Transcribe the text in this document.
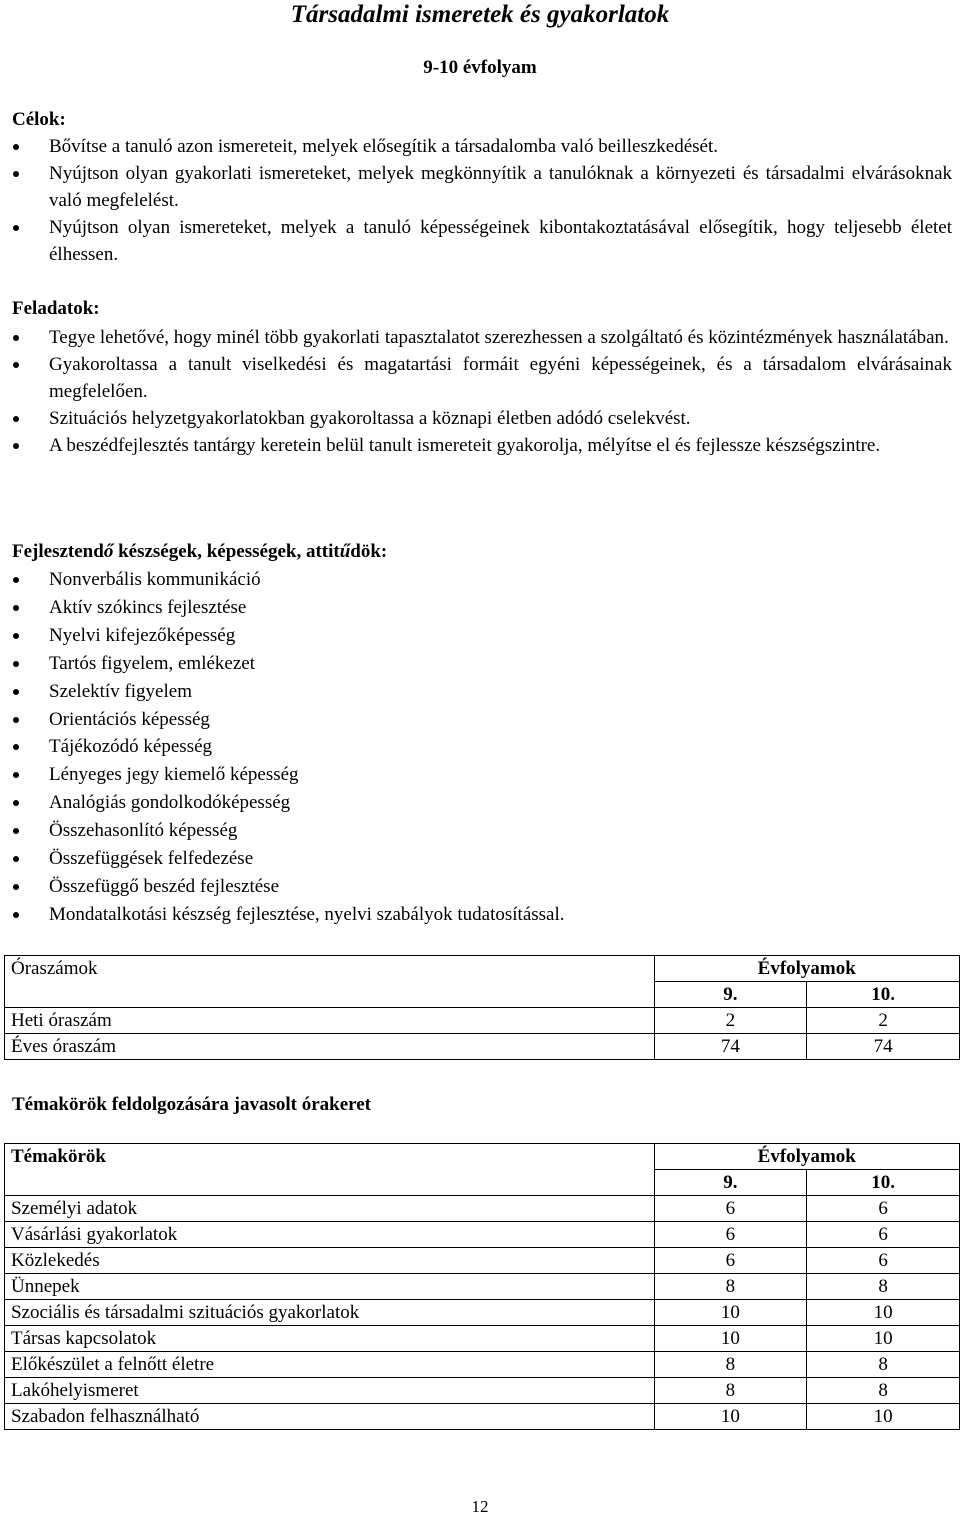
Társadalmi ismeretek és gyakorlatok
9-10 évfolyam
Célok:
Bővítse a tanuló azon ismereteit, melyek elősegítik a társadalomba való beilleszkedését.
Nyújtson olyan gyakorlati ismereteket, melyek megkönnyítik a tanulóknak a környezeti és társadalmi elvárásoknak való megfelelést.
Nyújtson olyan ismereteket, melyek a tanuló képességeinek kibontakoztatásával elősegítik, hogy teljesebb életet élhessen.
Feladatok:
Tegye lehetővé, hogy minél több gyakorlati tapasztalatot szerezhessen a szolgáltató és közintézmények használatában.
Gyakoroltassa a tanult viselkedési és magatartási formáit egyéni képességeinek, és a társadalom elvárásainak megfelelően.
Szituációs helyzetgyakorlatokban gyakoroltassa a köznapi életben adódó cselekvést.
A beszédfejlesztés tantárgy keretein belül tanult ismereteit gyakorolja, mélyítse el és fejlessze készségszintre.
Fejlesztendő készségek, képességek, attitűdök:
Nonverbális kommunikáció
Aktív szókincs fejlesztése
Nyelvi kifejezőképesség
Tartós figyelem, emlékezet
Szelektív figyelem
Orientációs képesség
Tájékozódó képesség
Lényeges jegy kiemelő képesség
Analógiás gondolkodóképesség
Összehasonlító képesség
Összefüggések felfedezése
Összefüggő beszéd fejlesztése
Mondatalkotási készség fejlesztése, nyelvi szabályok tudatosítással.
Óraszámok	Évfolyamok	
	9.	10.
Heti óraszám	2	2
Éves óraszám	74	74
Témakörök feldolgozására javasolt órakeret
Témakörök	Évfolyamok	
	9.	10.
Személyi adatok	6	6
Vásárlási gyakorlatok	6	6
Közlekedés	6	6
Ünnepek	8	8
Szociális és társadalmi szituációs gyakorlatok	10	10
Társas kapcsolatok	10	10
Előkészület a felnőtt életre	8	8
Lakóhelyismeret	8	8
Szabadon felhasználható	10	10
12
